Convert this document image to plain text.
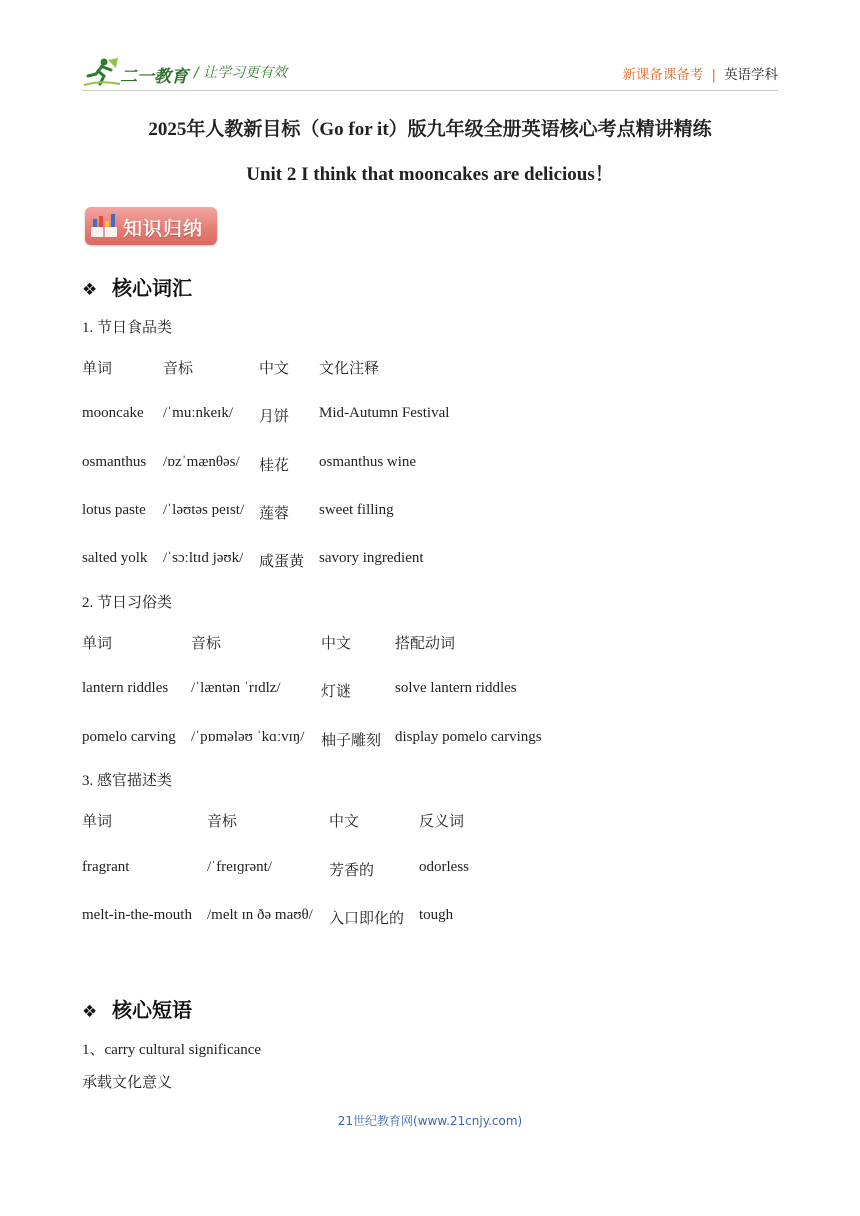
二一教育 / 让学习更有效	新课备课备考 | 英语学科
2025年人教新目标（Go for it）版九年级全册英语核心考点精讲精练
Unit 2 I think that mooncakes are delicious！
知识归纳
❖ 核心词汇
1. 节日食品类
单词	音标	中文 文化注释
mooncake /ˈmuːnkeɪk/ 月饼 Mid-Autumn Festival
osmanthus /ɒzˈmænθəs/ 桂花 osmanthus wine
lotus paste /ˈləʊtəs peɪst/ 莲蓉 sweet filling
salted yolk /ˈsɔːltɪd jəʊk/ 咸蛋黄 savory ingredient
2. 节日习俗类
单词	音标	中文	搭配动词
lantern riddles /ˈlæntən ˈrɪdlz/	灯谜	solve lantern riddles
pomelo carving /ˈpɒmələʊ ˈkɑːvɪŋ/ 柚子雕刻 display pomelo carvings
3. 感官描述类
单词	音标	中文	反义词
fragrant	/ˈfreɪɡrənt/	芳香的	odorless
melt-in-the-mouth /melt ɪn ðə maʊθ/ 入口即化的 tough
❖ 核心短语
1、carry cultural significance
承载文化意义
21世纪教育网(www.21cnjy.com)
